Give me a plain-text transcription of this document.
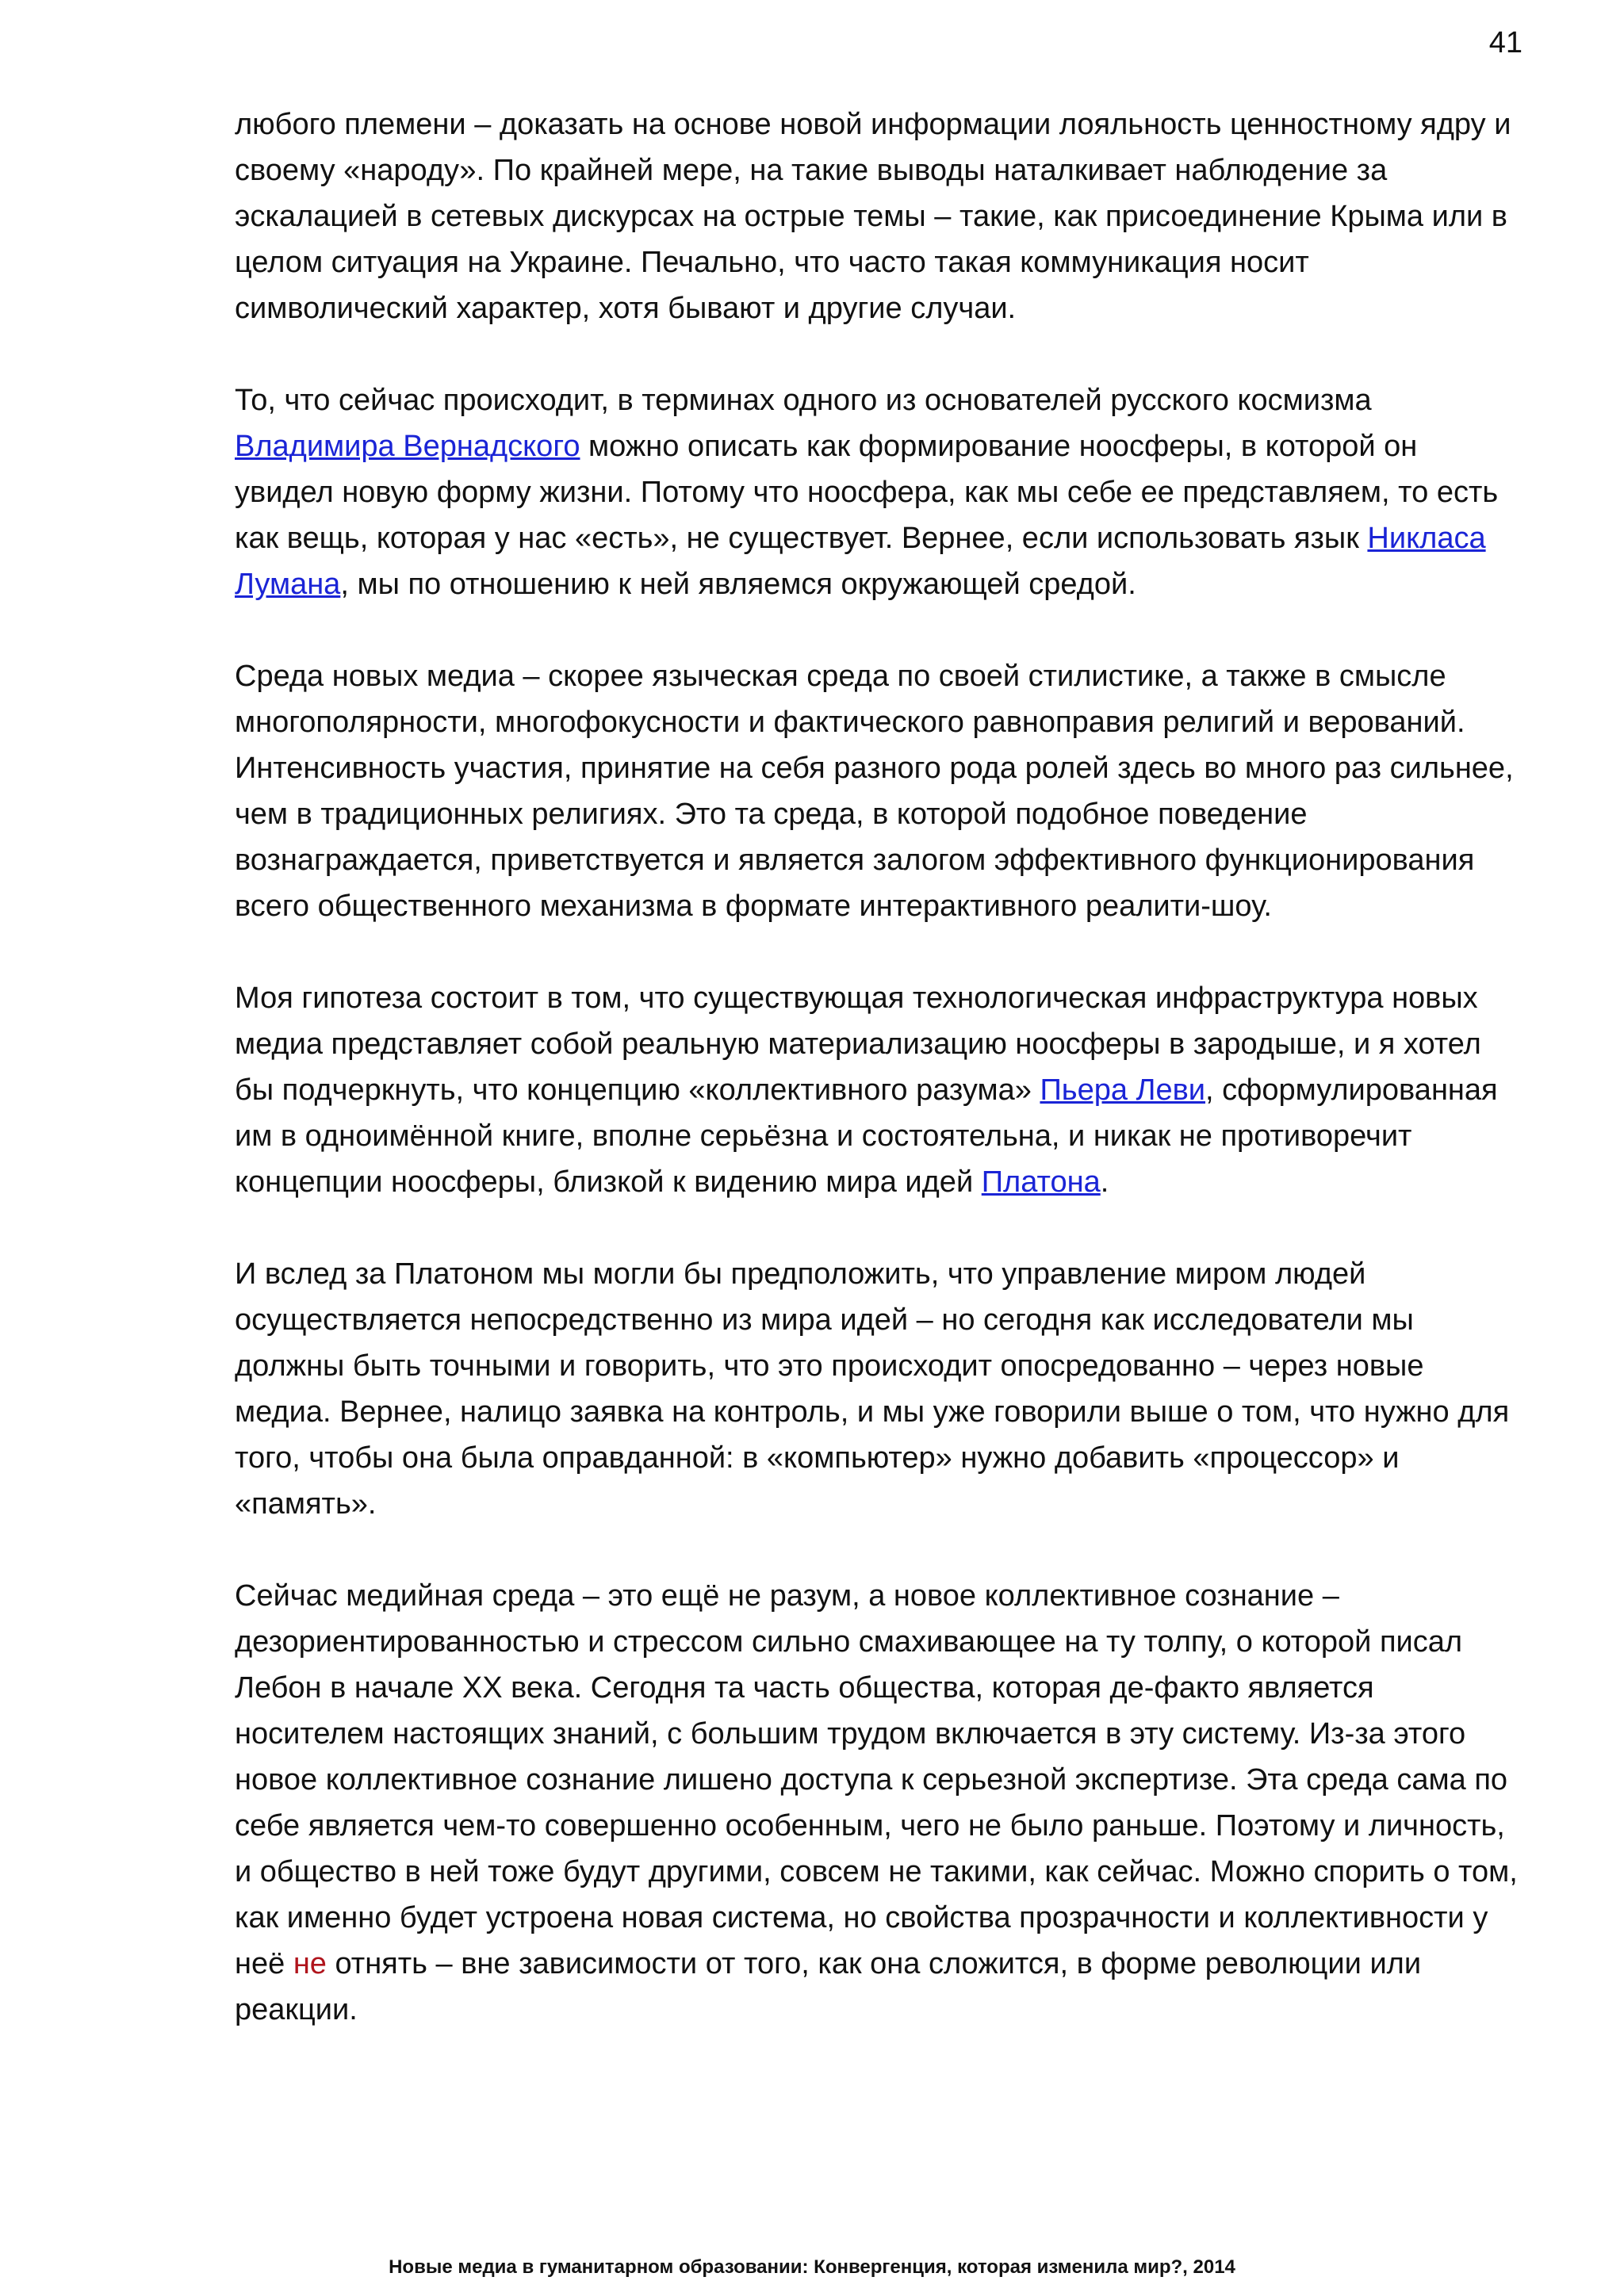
41

любого племени – доказать на основе новой информации лояльность ценностному ядру и своему «народу». По крайней мере, на такие выводы наталкивает наблюдение за эскалацией в сетевых дискурсах на острые темы – такие, как присоединение Крыма или в целом ситуация на Украине. Печально, что часто такая коммуникация носит символический характер, хотя бывают и другие случаи.

То, что сейчас происходит, в терминах одного из основателей русского космизма Владимира Вернадского можно описать как формирование ноосферы, в которой он увидел новую форму жизни. Потому что ноосфера, как мы себе ее представляем, то есть как вещь, которая у нас «есть», не существует. Вернее, если использовать язык Никласа Лумана, мы по отношению к ней являемся окружающей средой.

Среда новых медиа – скорее языческая среда по своей стилистике, а также в смысле многополярности, многофокусности и фактического равноправия религий и верований. Интенсивность участия, принятие на себя разного рода ролей здесь во много раз сильнее, чем в традиционных религиях. Это та среда, в которой подобное поведение вознаграждается, приветствуется и является залогом эффективного функционирования всего общественного механизма в формате интерактивного реалити-шоу.

Моя гипотеза состоит в том, что существующая технологическая инфраструктура новых медиа представляет собой реальную материализацию ноосферы в зародыше, и я хотел бы подчеркнуть, что концепцию «коллективного разума» Пьера Леви, сформулированная им в одноимённой книге, вполне серьёзна и состоятельна, и никак не противоречит концепции ноосферы, близкой к видению мира идей Платона.

И вслед за Платоном мы могли бы предположить, что управление миром людей осуществляется непосредственно из мира идей – но сегодня как исследователи мы должны быть точными и говорить, что это происходит опосредованно – через новые медиа. Вернее, налицо заявка на контроль, и мы уже говорили выше о том, что нужно для того, чтобы она была оправданной: в «компьютер» нужно добавить «процессор» и «память».

Сейчас медийная среда – это ещё не разум, а новое коллективное сознание – дезориентированностью и стрессом сильно смахивающее на ту толпу, о которой писал Лебон в начале XX века. Сегодня та часть общества, которая де-факто является носителем настоящих знаний, с большим трудом включается в эту систему. Из-за этого новое коллективное сознание лишено доступа к серьезной экспертизе. Эта среда сама по себе является чем-то совершенно особенным, чего не было раньше. Поэтому и личность, и общество в ней тоже будут другими, совсем не такими, как сейчас. Можно спорить о том, как именно будет устроена новая система, но свойства прозрачности и коллективности у неё не отнять – вне зависимости от того, как она сложится, в форме революции или реакции.

Новые медиа в гуманитарном образовании: Конвергенция, которая изменила мир?, 2014
